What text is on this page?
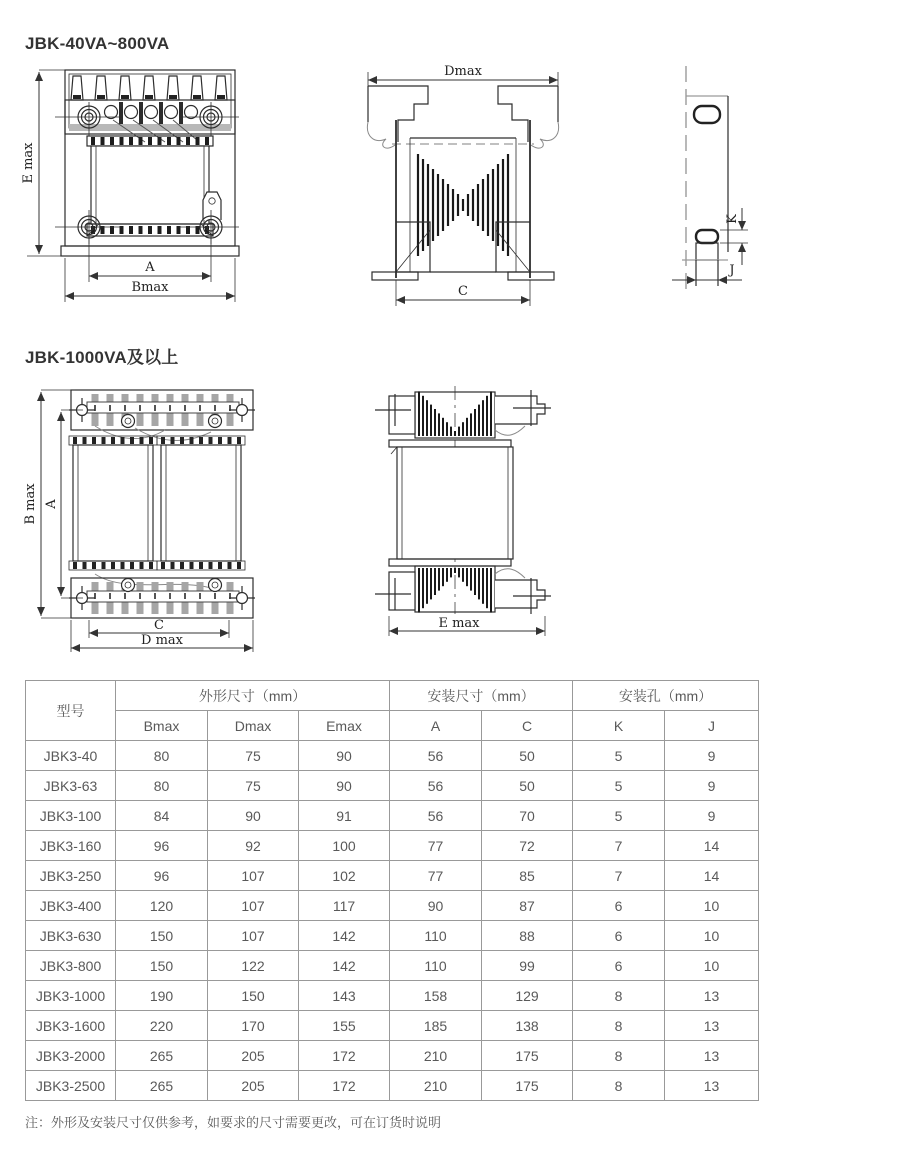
JBK-40VA~800VA
E max
A
Bmax
Dmax
C
K
J
JBK-1000VA及以上
B max A
C
D max
E max
型号	外形尺寸（mm）			安装尺寸（mm）		安装孔（mm）	
	Bmax	Dmax	Emax	A	C	K	J
JBK3-40	80	75	90	56	50	5	9
JBK3-63	80	75	90	56	50	5	9
JBK3-100	84	90	91	56	70	5	9
JBK3-160	96	92	100	77	72	7	14
JBK3-250	96	107	102	77	85	7	14
JBK3-400	120	107	117	90	87	6	10
JBK3-630	150	107	142	110	88	6	10
JBK3-800	150	122	142	110	99	6	10
JBK3-1000	190	150	143	158	129	8	13
JBK3-1600	220	170	155	185	138	8	13
JBK3-2000	265	205	172	210	175	8	13
JBK3-2500	265	205	172	210	175	8	13
注：外形及安装尺寸仅供参考，如要求的尺寸需要更改，可在订货时说明
